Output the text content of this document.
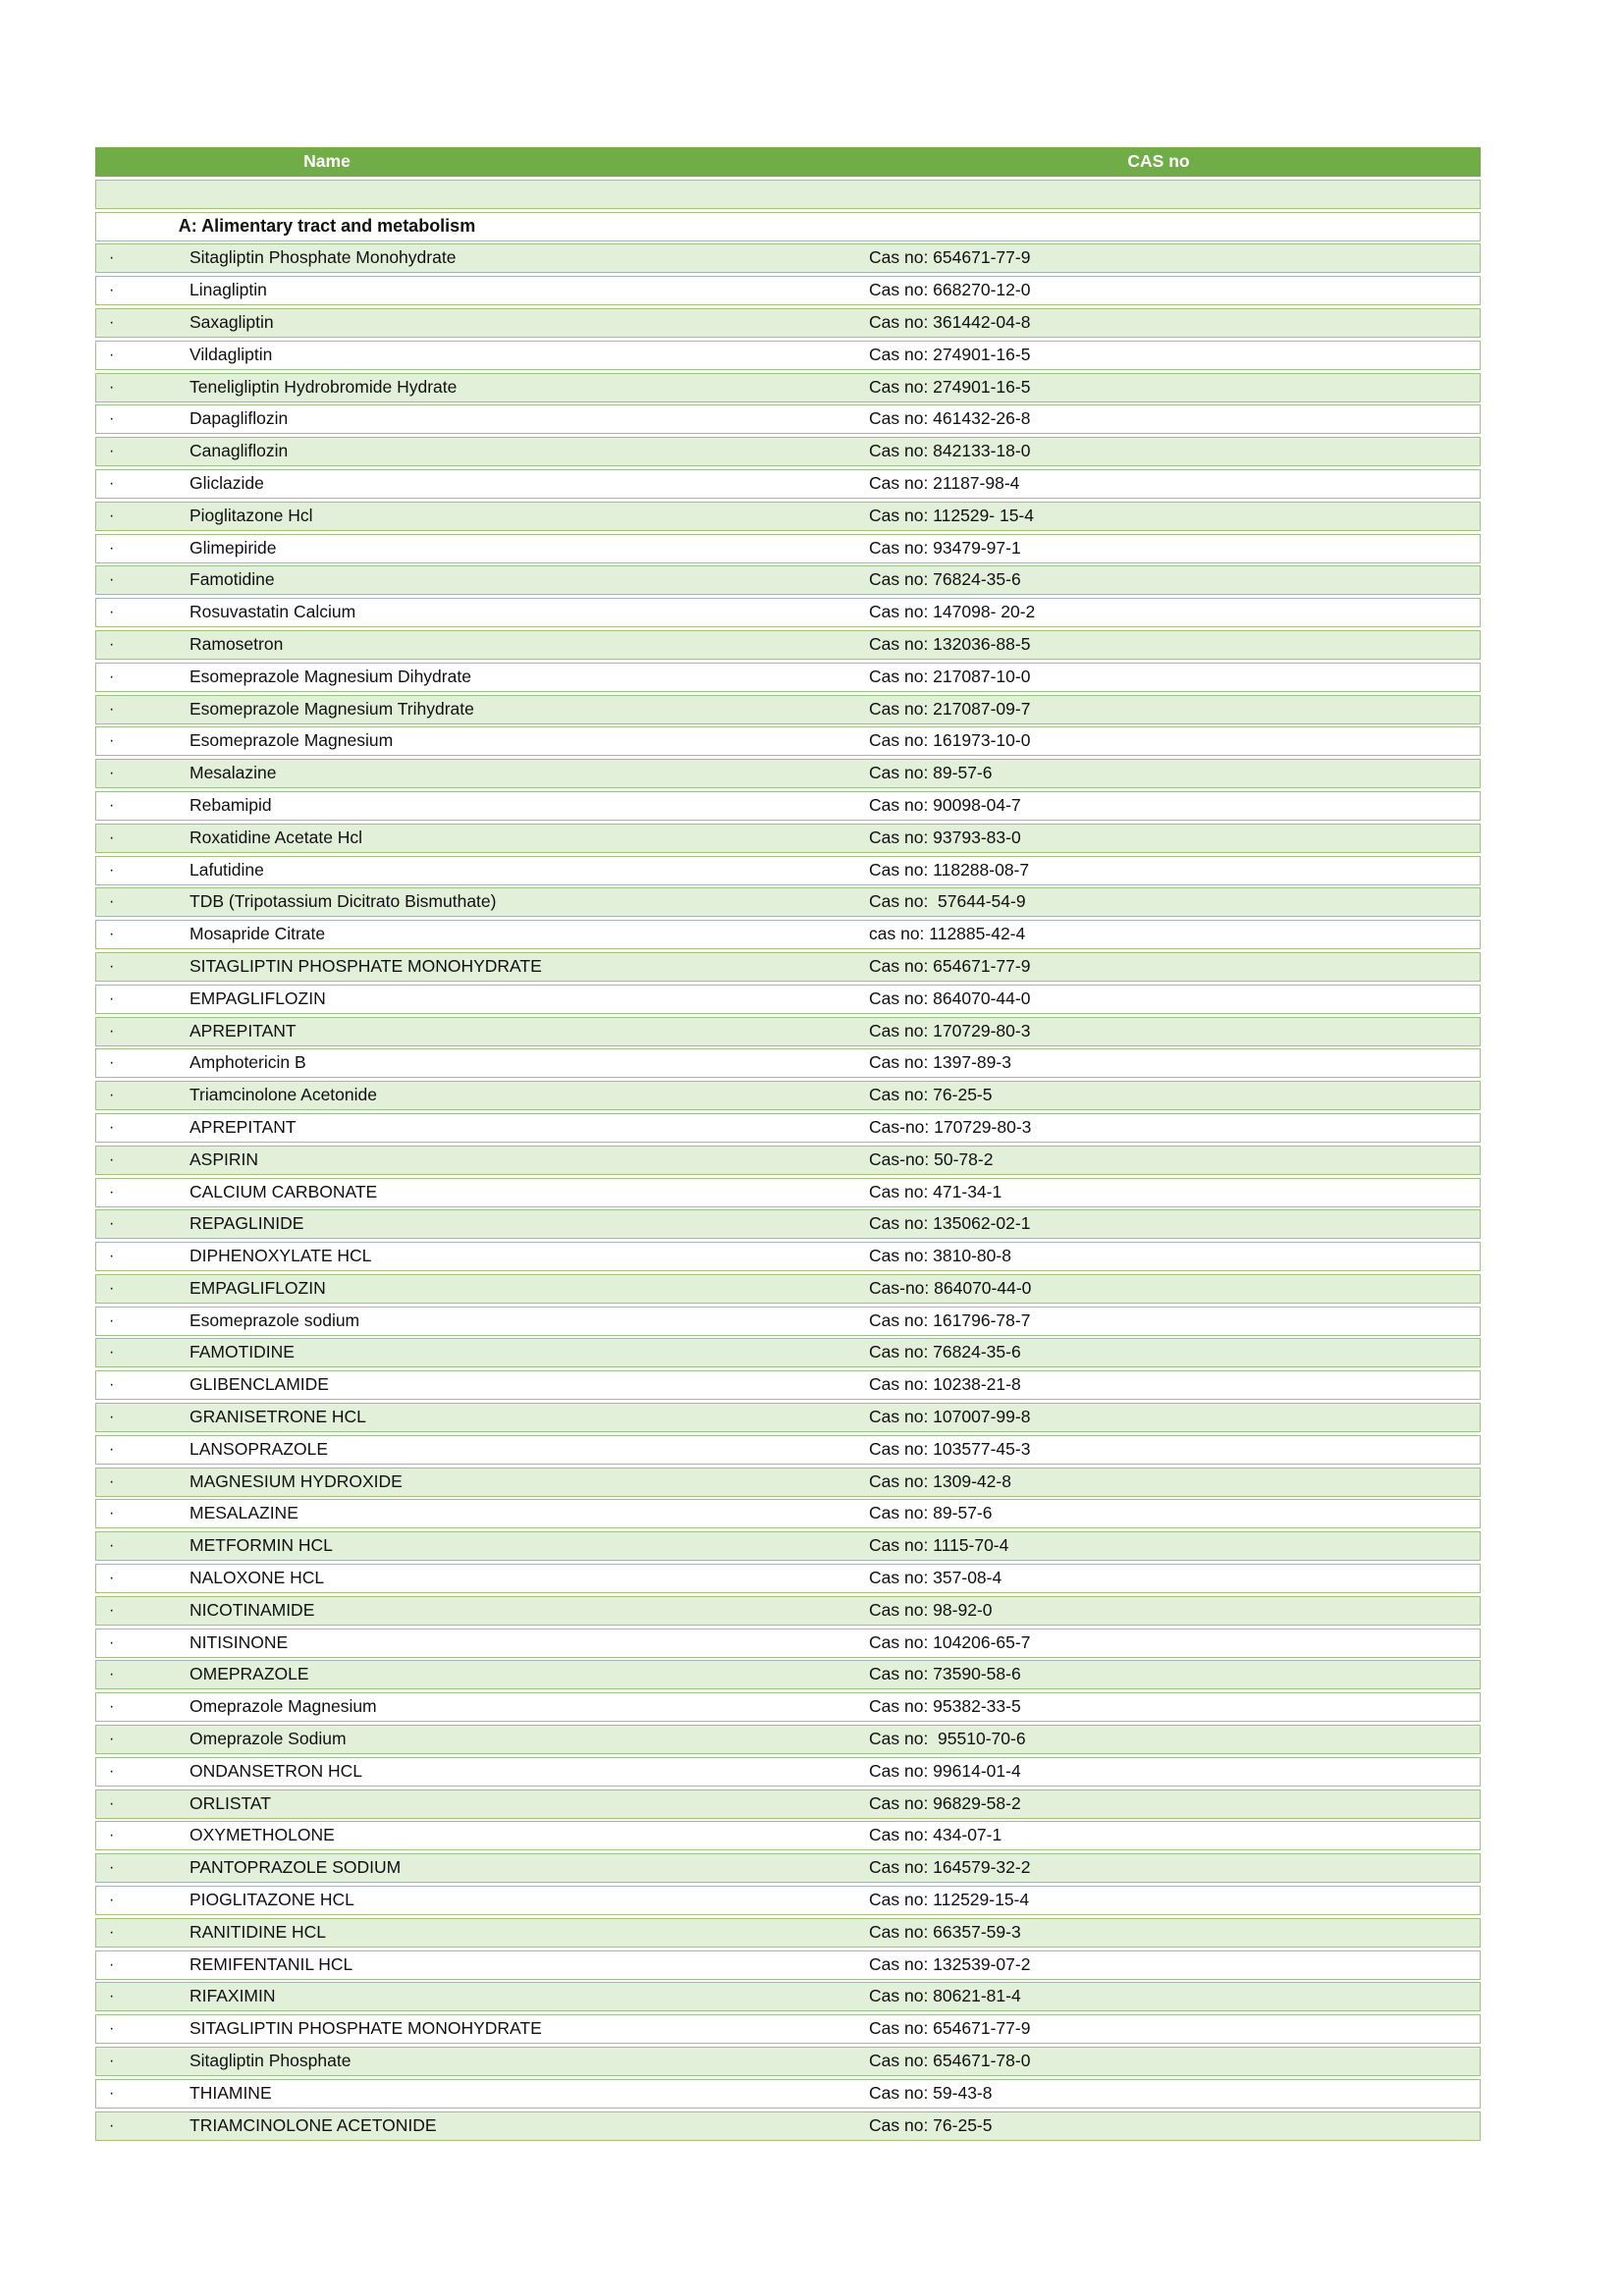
Name	CAS no
A: Alimentary tract and metabolism
·	Sitagliptin Phosphate Monohydrate	Cas no: 654671-77-9
·	Linagliptin	Cas no: 668270-12-0
·	Saxagliptin	Cas no: 361442-04-8
·	Vildagliptin	Cas no: 274901-16-5
·	Teneligliptin Hydrobromide Hydrate	Cas no: 274901-16-5
·	Dapagliflozin	Cas no: 461432-26-8
·	Canagliflozin	Cas no: 842133-18-0
·	Gliclazide	Cas no: 21187-98-4
·	Pioglitazone Hcl	Cas no: 112529- 15-4
·	Glimepiride	Cas no: 93479-97-1
·	Famotidine	Cas no: 76824-35-6
·	Rosuvastatin Calcium	Cas no: 147098- 20-2
·	Ramosetron	Cas no: 132036-88-5
·	Esomeprazole Magnesium Dihydrate	Cas no: 217087-10-0
·	Esomeprazole Magnesium Trihydrate	Cas no: 217087-09-7
·	Esomeprazole Magnesium	Cas no: 161973-10-0
·	Mesalazine	Cas no: 89-57-6
·	Rebamipid	Cas no: 90098-04-7
·	Roxatidine Acetate Hcl	Cas no: 93793-83-0
·	Lafutidine	Cas no: 118288-08-7
·	TDB (Tripotassium Dicitrato Bismuthate)	Cas no:  57644-54-9
·	Mosapride Citrate	cas no: 112885-42-4
·	SITAGLIPTIN PHOSPHATE MONOHYDRATE	Cas no: 654671-77-9
·	EMPAGLIFLOZIN	Cas no: 864070-44-0
·	APREPITANT	Cas no: 170729-80-3
·	Amphotericin B	Cas no: 1397-89-3
·	Triamcinolone Acetonide	Cas no: 76-25-5
·	APREPITANT	Cas-no: 170729-80-3
·	ASPIRIN	Cas-no: 50-78-2
·	CALCIUM CARBONATE	Cas no: 471-34-1
·	REPAGLINIDE	Cas no: 135062-02-1
·	DIPHENOXYLATE HCL	Cas no: 3810-80-8
·	EMPAGLIFLOZIN	Cas-no: 864070-44-0
·	Esomeprazole sodium	Cas no: 161796-78-7
·	FAMOTIDINE	Cas no: 76824-35-6
·	GLIBENCLAMIDE	Cas no: 10238-21-8
·	GRANISETRONE HCL	Cas no: 107007-99-8
·	LANSOPRAZOLE	Cas no: 103577-45-3
·	MAGNESIUM HYDROXIDE	Cas no: 1309-42-8
·	MESALAZINE	Cas no: 89-57-6
·	METFORMIN HCL	Cas no: 1115-70-4
·	NALOXONE HCL	Cas no: 357-08-4
·	NICOTINAMIDE	Cas no: 98-92-0
·	NITISINONE	Cas no: 104206-65-7
·	OMEPRAZOLE	Cas no: 73590-58-6
·	Omeprazole Magnesium	Cas no: 95382-33-5
·	Omeprazole Sodium	Cas no:  95510-70-6
·	ONDANSETRON HCL	Cas no: 99614-01-4
·	ORLISTAT	Cas no: 96829-58-2
·	OXYMETHOLONE	Cas no: 434-07-1
·	PANTOPRAZOLE SODIUM	Cas no: 164579-32-2
·	PIOGLITAZONE HCL	Cas no: 112529-15-4
·	RANITIDINE HCL	Cas no: 66357-59-3
·	REMIFENTANIL HCL	Cas no: 132539-07-2
·	RIFAXIMIN	Cas no: 80621-81-4
·	SITAGLIPTIN PHOSPHATE MONOHYDRATE	Cas no: 654671-77-9
·	Sitagliptin Phosphate	Cas no: 654671-78-0
·	THIAMINE	Cas no: 59-43-8
·	TRIAMCINOLONE ACETONIDE	Cas no: 76-25-5
